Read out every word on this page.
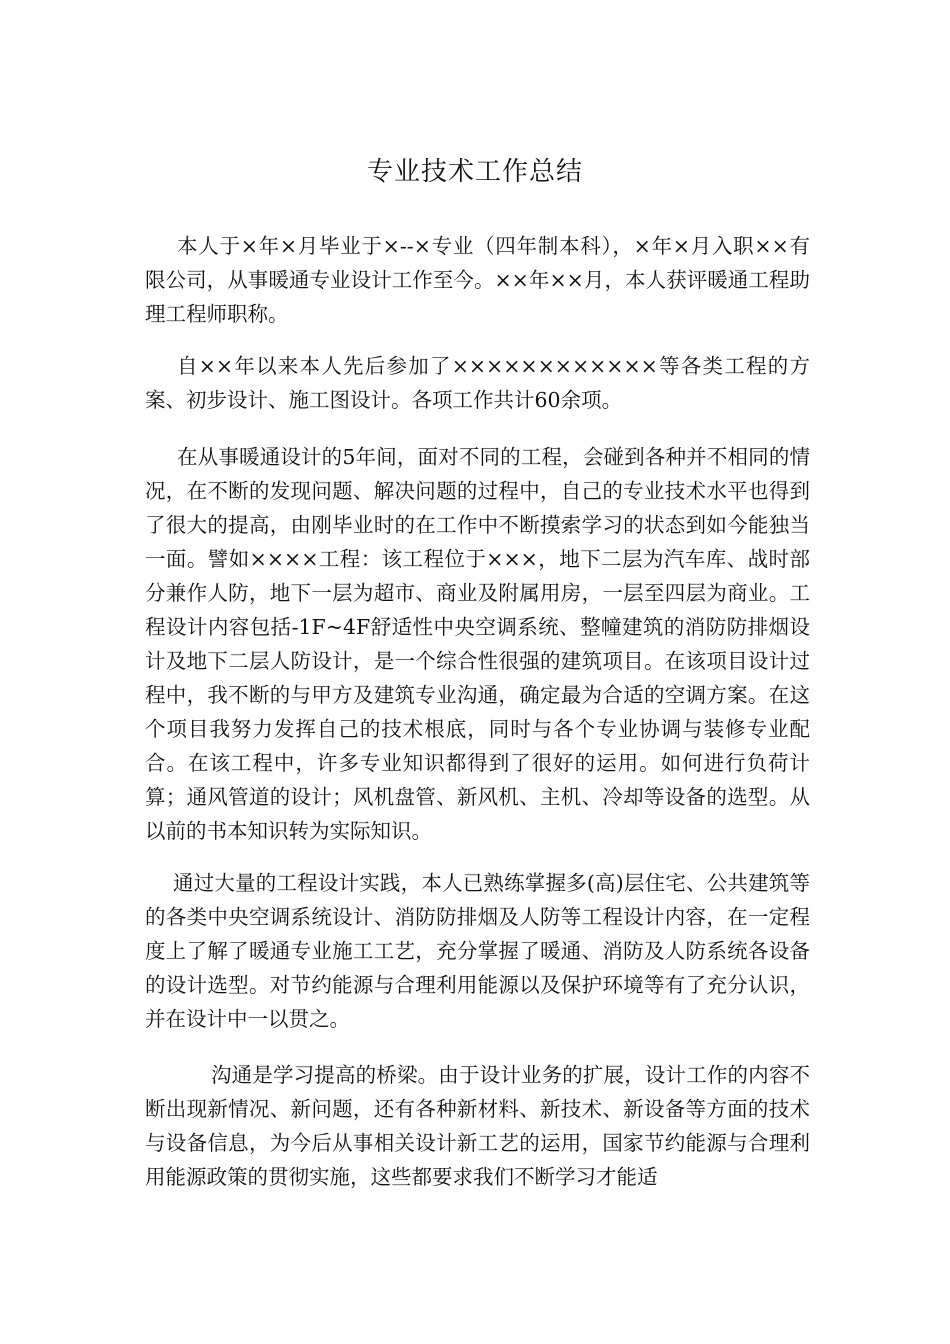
专业技术工作总结

本人于×年×月毕业于×--×专业（四年制本科），×年×月入职××有限公司，从事暖通专业设计工作至今。××年××月，本人获评暖通工程助理工程师职称。

自××年以来本人先后参加了××××××××××××等各类工程的方案、初步设计、施工图设计。各项工作共计60余项。

在从事暖通设计的5年间，面对不同的工程，会碰到各种并不相同的情况，在不断的发现问题、解决问题的过程中，自己的专业技术水平也得到了很大的提高，由刚毕业时的在工作中不断摸索学习的状态到如今能独当一面。譬如××××工程：该工程位于×××，地下二层为汽车库、战时部分兼作人防，地下一层为超市、商业及附属用房，一层至四层为商业。工程设计内容包括-1F~4F舒适性中央空调系统、整幢建筑的消防防排烟设计及地下二层人防设计，是一个综合性很强的建筑项目。在该项目设计过程中，我不断的与甲方及建筑专业沟通，确定最为合适的空调方案。在这个项目我努力发挥自己的技术根底，同时与各个专业协调与装修专业配合。在该工程中，许多专业知识都得到了很好的运用。如何进行负荷计算；通风管道的设计；风机盘管、新风机、主机、冷却等设备的选型。从以前的书本知识转为实际知识。

通过大量的工程设计实践，本人已熟练掌握多(高)层住宅、公共建筑等的各类中央空调系统设计、消防防排烟及人防等工程设计内容，在一定程度上了解了暖通专业施工工艺，充分掌握了暖通、消防及人防系统各设备的设计选型。对节约能源与合理利用能源以及保护环境等有了充分认识，并在设计中一以贯之。

沟通是学习提高的桥梁。由于设计业务的扩展，设计工作的内容不断出现新情况、新问题，还有各种新材料、新技术、新设备等方面的技术与设备信息，为今后从事相关设计新工艺的运用，国家节约能源与合理利用能源政策的贯彻实施，这些都要求我们不断学习才能适
